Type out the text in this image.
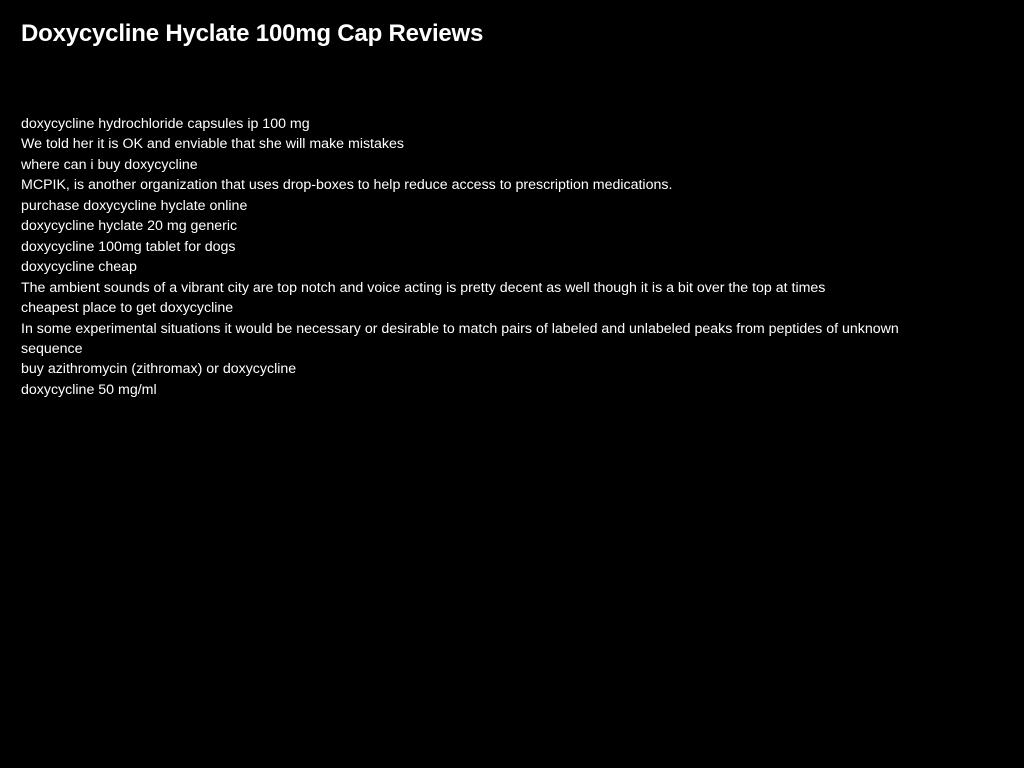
Doxycycline Hyclate 100mg Cap Reviews
doxycycline hydrochloride capsules ip 100 mg
We told her it is OK and enviable that she will make mistakes
where can i buy doxycycline
MCPIK, is another organization that uses drop-boxes to help reduce access to prescription medications.
purchase doxycycline hyclate online
doxycycline hyclate 20 mg generic
doxycycline 100mg tablet for dogs
doxycycline cheap
The ambient sounds of a vibrant city are top notch and voice acting is pretty decent as well though it is a bit over the top at times
cheapest place to get doxycycline
In some experimental situations it would be necessary or desirable to match pairs of labeled and unlabeled peaks from peptides of unknown sequence
buy azithromycin (zithromax) or doxycycline
doxycycline 50 mg/ml
